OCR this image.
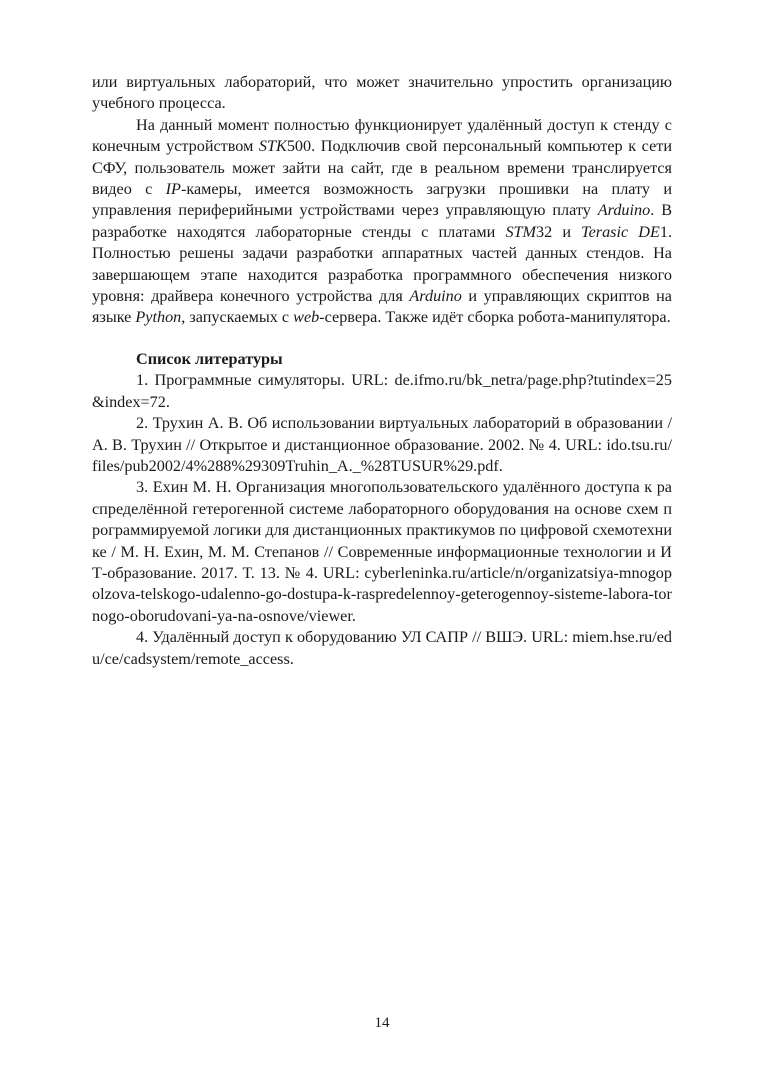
или виртуальных лабораторий, что может значительно упростить организацию учебного процесса.

На данный момент полностью функционирует удалённый доступ к стенду с конечным устройством STK500. Подключив свой персональный компьютер к сети СФУ, пользователь может зайти на сайт, где в реальном времени транслируется видео с IP-камеры, имеется возможность загрузки прошивки на плату и управления периферийными устройствами через управляющую плату Arduino. В разработке находятся лабораторные стенды с платами STM32 и Terasic DE1. Полностью решены задачи разработки аппаратных частей данных стендов. На завершающем этапе находится разработка программного обеспечения низкого уровня: драйвера конечного устройства для Arduino и управляющих скриптов на языке Python, запускаемых с web-сервера. Также идёт сборка робота-манипулятора.

Список литературы

1. Программные симуляторы. URL: de.ifmo.ru/bk_netra/page.php?tutindex=25&index=72.

2. Трухин А. В. Об использовании виртуальных лабораторий в образовании / А. В. Трухин // Открытое и дистанционное образование. 2002. № 4. URL: ido.tsu.ru/files/pub2002/4%288%29309Truhin_A._%28TUSUR%29.pdf.

3. Ехин М. Н. Организация многопользовательского удалённого доступа к распределённой гетерогенной системе лабораторного оборудования на основе схем программируемой логики для дистанционных практикумов по цифровой схемотехнике / М. Н. Ехин, М. М. Степанов // Современные информационные технологии и ИТ-образование. 2017. Т. 13. № 4. URL: cyberleninka.ru/article/n/organizatsiya-mnogopolzova-telskogo-udalenno-go-dostupa-k-raspredelennoy-geterogennoy-sisteme-labora-tornogo-oborudovani-ya-na-osnove/viewer.

4. Удалённый доступ к оборудованию УЛ САПР // ВШЭ. URL: miem.hse.ru/edu/ce/cadsystem/remote_access.

14
